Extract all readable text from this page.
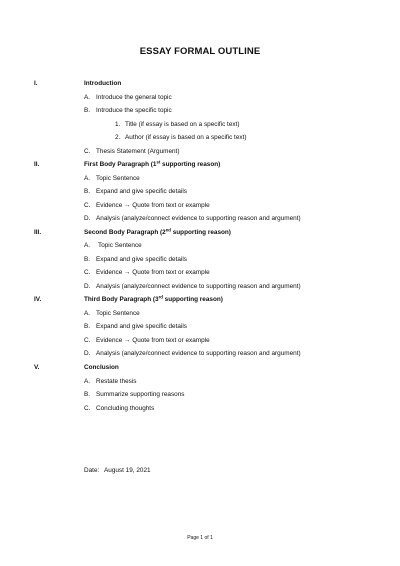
ESSAY FORMAL OUTLINE
I.	Introduction
A. Introduce the general topic
B. Introduce the specific topic
1. Title (if essay is based on a specific text)
2. Author (if essay is based on a specific text)
C. Thesis Statement (Argument)
II.	First Body Paragraph (1st supporting reason)
A. Topic Sentence
B. Expand and give specific details
C. Evidence → Quote from text or example
D. Analysis (analyze/connect evidence to supporting reason and argument)
III.	Second Body Paragraph (2nd supporting reason)
A. Topic Sentence
B. Expand and give specific details
C. Evidence → Quote from text or example
D. Analysis (analyze/connect evidence to supporting reason and argument)
IV.	Third Body Paragraph (3rd supporting reason)
A. Topic Sentence
B. Expand and give specific details
C. Evidence → Quote from text or example
D. Analysis (analyze/connect evidence to supporting reason and argument)
V.	Conclusion
A. Restate thesis
B. Summarize supporting reasons
C. Concluding thoughts
Date: August 19, 2021
Page 1 of 1
